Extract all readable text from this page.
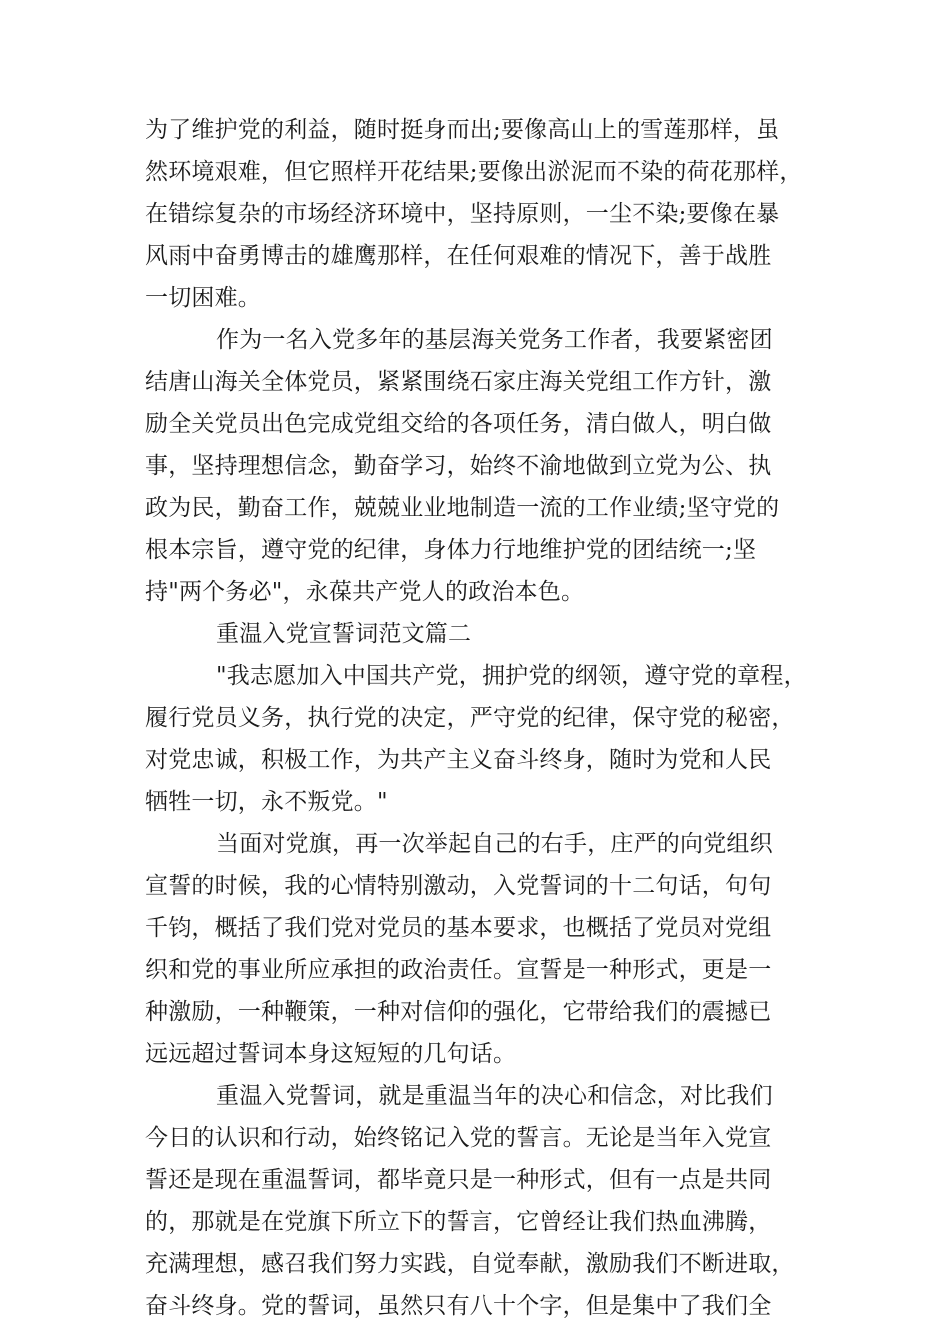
为了维护党的利益，随时挺身而出;要像高山上的雪莲那样，虽
然环境艰难，但它照样开花结果;要像出淤泥而不染的荷花那样，
在错综复杂的市场经济环境中，坚持原则，一尘不染;要像在暴
风雨中奋勇博击的雄鹰那样，在任何艰难的情况下，善于战胜
一切困难。
作为一名入党多年的基层海关党务工作者，我要紧密团
结唐山海关全体党员，紧紧围绕石家庄海关党组工作方针，激
励全关党员出色完成党组交给的各项任务，清白做人，明白做
事，坚持理想信念，勤奋学习，始终不渝地做到立党为公、执
政为民，勤奋工作，兢兢业业地制造一流的工作业绩;坚守党的
根本宗旨，遵守党的纪律，身体力行地维护党的团结统一;坚
持"两个务必"，永葆共产党人的政治本色。
重温入党宣誓词范文篇二
"我志愿加入中国共产党，拥护党的纲领，遵守党的章程，
履行党员义务，执行党的决定，严守党的纪律，保守党的秘密，
对党忠诚，积极工作，为共产主义奋斗终身，随时为党和人民
牺牲一切，永不叛党。"
当面对党旗，再一次举起自己的右手，庄严的向党组织
宣誓的时候，我的心情特别激动，入党誓词的十二句话，句句
千钧，概括了我们党对党员的基本要求，也概括了党员对党组
织和党的事业所应承担的政治责任。宣誓是一种形式，更是一
种激励，一种鞭策，一种对信仰的强化，它带给我们的震撼已
远远超过誓词本身这短短的几句话。
重温入党誓词，就是重温当年的决心和信念，对比我们
今日的认识和行动，始终铭记入党的誓言。无论是当年入党宣
誓还是现在重温誓词，都毕竟只是一种形式，但有一点是共同
的，那就是在党旗下所立下的誓言，它曾经让我们热血沸腾，
充满理想，感召我们努力实践，自觉奉献，激励我们不断进取，
奋斗终身。党的誓词，虽然只有八十个字，但是集中了我们全
